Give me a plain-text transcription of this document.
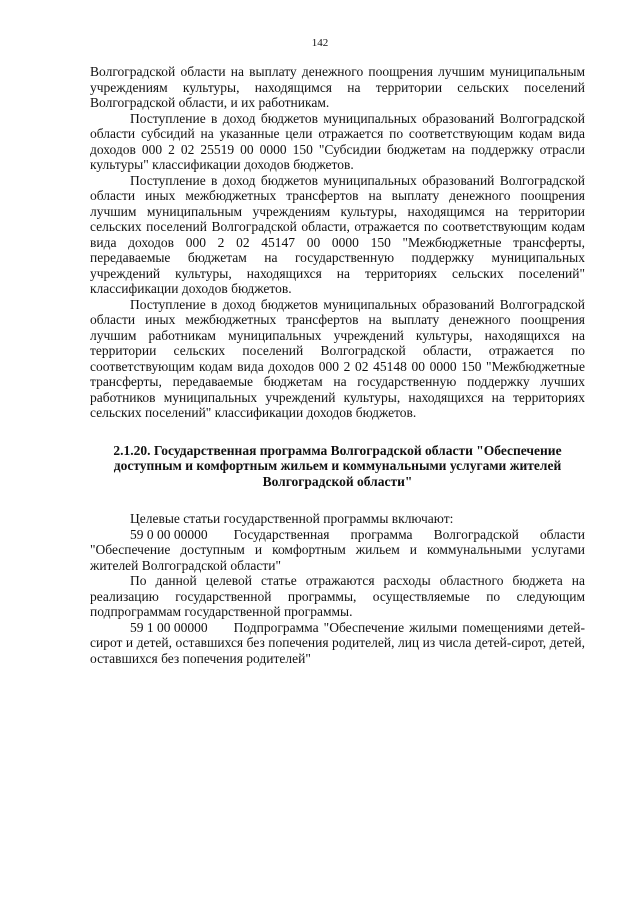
142

Волгоградской области на выплату денежного поощрения лучшим муниципальным учреждениям культуры, находящимся на территории сельских поселений Волгоградской области, и их работникам.

Поступление в доход бюджетов муниципальных образований Волгоградской области субсидий на указанные цели отражается по соответствующим кодам вида доходов 000 2 02 25519 00 0000 150 "Субсидии бюджетам на поддержку отрасли культуры" классификации доходов бюджетов.

Поступление в доход бюджетов муниципальных образований Волгоградской области иных межбюджетных трансфертов на выплату денежного поощрения лучшим муниципальным учреждениям культуры, находящимся на территории сельских поселений Волгоградской области, отражается по соответствующим кодам вида доходов 000 2 02 45147 00 0000 150 "Межбюджетные трансферты, передаваемые бюджетам на государственную поддержку муниципальных учреждений культуры, находящихся на территориях сельских поселений" классификации доходов бюджетов.

Поступление в доход бюджетов муниципальных образований Волгоградской области иных межбюджетных трансфертов на выплату денежного поощрения лучшим работникам муниципальных учреждений культуры, находящихся на территории сельских поселений Волгоградской области, отражается по соответствующим кодам вида доходов 000 2 02 45148 00 0000 150 "Межбюджетные трансферты, передаваемые бюджетам на государственную поддержку лучших работников муниципальных учреждений культуры, находящихся на территориях сельских поселений" классификации доходов бюджетов.

2.1.20. Государственная программа Волгоградской области "Обеспечение доступным и комфортным жильем и коммунальными услугами жителей Волгоградской области"

Целевые статьи государственной программы включают:

59 0 00 00000 Государственная программа Волгоградской области "Обеспечение доступным и комфортным жильем и коммунальными услугами жителей Волгоградской области"

По данной целевой статье отражаются расходы областного бюджета на реализацию государственной программы, осуществляемые по следующим подпрограммам государственной программы.

59 1 00 00000 Подпрограмма "Обеспечение жилыми помещениями детей-сирот и детей, оставшихся без попечения родителей, лиц из числа детей-сирот, детей, оставшихся без попечения родителей"
